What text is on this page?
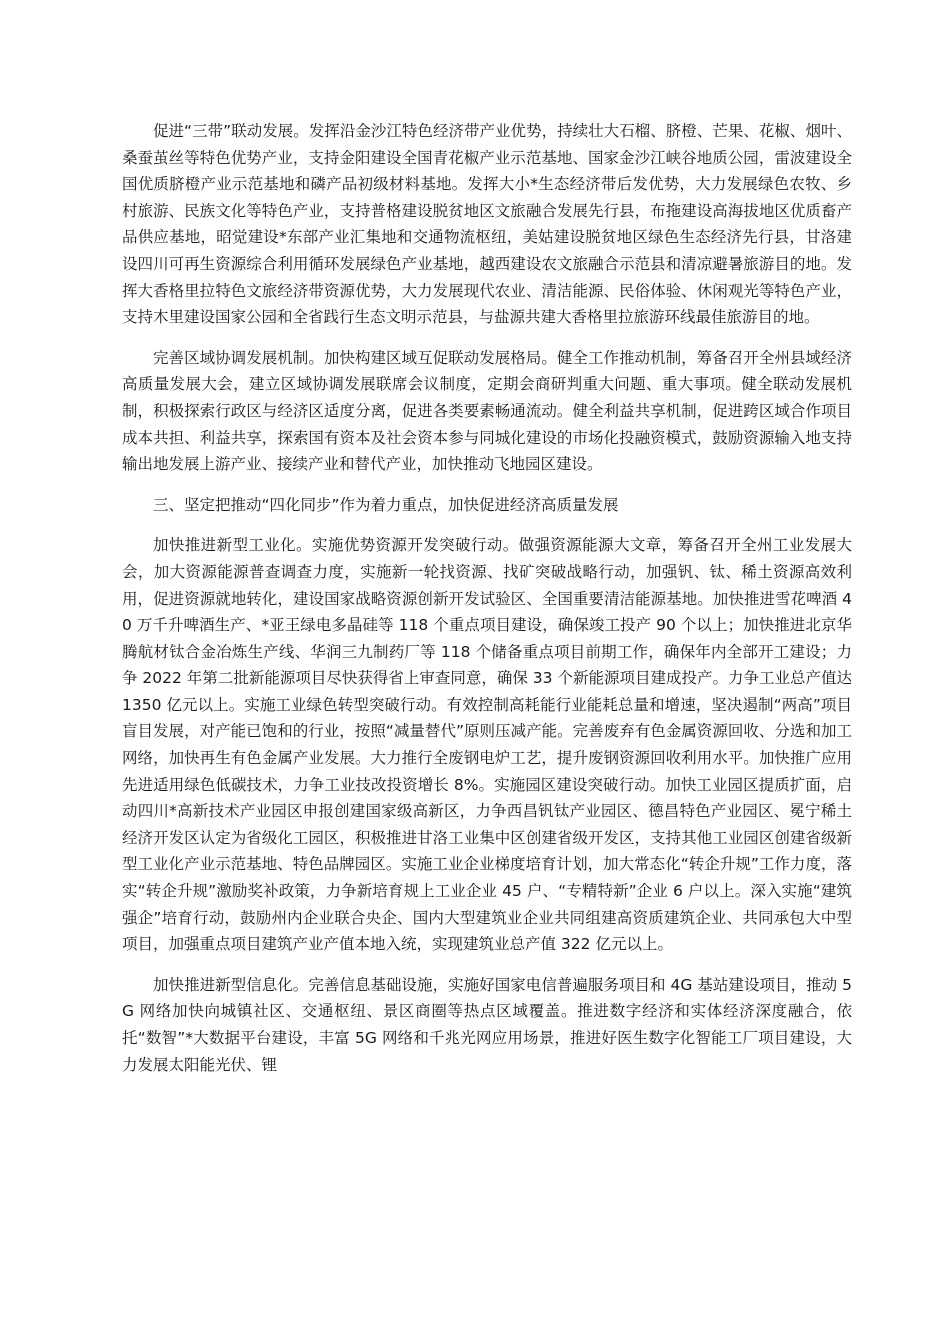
促进“三带”联动发展。发挥沿金沙江特色经济带产业优势，持续壮大石榴、脐橙、芒果、花椒、烟叶、桑蚕茧丝等特色优势产业，支持金阳建设全国青花椒产业示范基地、国家金沙江峡谷地质公园，雷波建设全国优质脐橙产业示范基地和磷产品初级材料基地。发挥大小*生态经济带后发优势，大力发展绿色农牧、乡村旅游、民族文化等特色产业，支持普格建设脱贫地区文旅融合发展先行县，布拖建设高海拔地区优质畜产品供应基地，昭觉建设*东部产业汇集地和交通物流枢纽，美姑建设脱贫地区绿色生态经济先行县，甘洛建设四川可再生资源综合利用循环发展绿色产业基地，越西建设农文旅融合示范县和清凉避暑旅游目的地。发挥大香格里拉特色文旅经济带资源优势，大力发展现代农业、清洁能源、民俗体验、休闲观光等特色产业，支持木里建设国家公园和全省践行生态文明示范县，与盐源共建大香格里拉旅游环线最佳旅游目的地。

完善区域协调发展机制。加快构建区域互促联动发展格局。健全工作推动机制，筹备召开全州县域经济高质量发展大会，建立区域协调发展联席会议制度，定期会商研判重大问题、重大事项。健全联动发展机制，积极探索行政区与经济区适度分离，促进各类要素畅通流动。健全利益共享机制，促进跨区域合作项目成本共担、利益共享，探索国有资本及社会资本参与同城化建设的市场化投融资模式，鼓励资源输入地支持输出地发展上游产业、接续产业和替代产业，加快推动飞地园区建设。

三、坚定把推动“四化同步”作为着力重点，加快促进经济高质量发展

加快推进新型工业化。实施优势资源开发突破行动。做强资源能源大文章，筹备召开全州工业发展大会，加大资源能源普查调查力度，实施新一轮找资源、找矿突破战略行动，加强钒、钛、稀土资源高效利用，促进资源就地转化，建设国家战略资源创新开发试验区、全国重要清洁能源基地。加快推进雪花啤酒 40 万千升啤酒生产、*亚王绿电多晶硅等 118 个重点项目建设，确保竣工投产 90 个以上；加快推进北京华腾航材钛合金冶炼生产线、华润三九制药厂等 118 个储备重点项目前期工作，确保年内全部开工建设；力争 2022 年第二批新能源项目尽快获得省上审查同意，确保 33 个新能源项目建成投产。力争工业总产值达 1350 亿元以上。实施工业绿色转型突破行动。有效控制高耗能行业能耗总量和增速，坚决遏制“两高”项目盲目发展，对产能已饱和的行业，按照“减量替代”原则压减产能。完善废弃有色金属资源回收、分选和加工网络，加快再生有色金属产业发展。大力推行全废钢电炉工艺，提升废钢资源回收利用水平。加快推广应用先进适用绿色低碳技术，力争工业技改投资增长 8%。实施园区建设突破行动。加快工业园区提质扩面，启动四川*高新技术产业园区申报创建国家级高新区，力争西昌钒钛产业园区、德昌特色产业园区、冕宁稀土经济开发区认定为省级化工园区，积极推进甘洛工业集中区创建省级开发区，支持其他工业园区创建省级新型工业化产业示范基地、特色品牌园区。实施工业企业梯度培育计划，加大常态化“转企升规”工作力度，落实“转企升规”激励奖补政策，力争新培育规上工业企业 45 户、“专精特新”企业 6 户以上。深入实施“建筑强企”培育行动，鼓励州内企业联合央企、国内大型建筑业企业共同组建高资质建筑企业、共同承包大中型项目，加强重点项目建筑产业产值本地入统，实现建筑业总产值 322 亿元以上。

加快推进新型信息化。完善信息基础设施，实施好国家电信普遍服务项目和 4G 基站建设项目，推动 5G 网络加快向城镇社区、交通枢纽、景区商圈等热点区域覆盖。推进数字经济和实体经济深度融合，依托“数智”*大数据平台建设，丰富 5G 网络和千兆光网应用场景，推进好医生数字化智能工厂项目建设，大力发展太阳能光伏、锂
